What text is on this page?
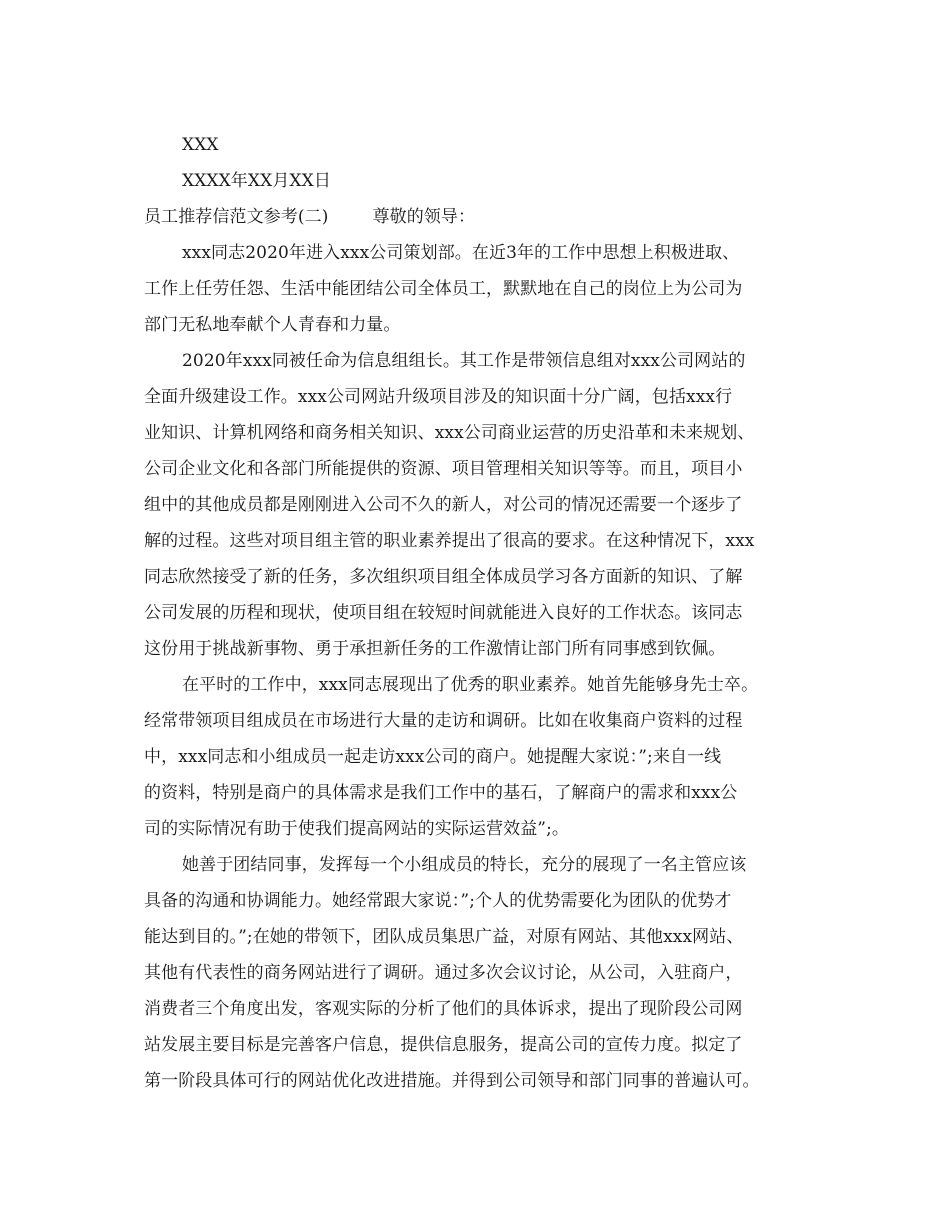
XXX
XXXX年XX月XX日
员工推荐信范文参考(二)	尊敬的领导：
xxx同志2020年进入xxx公司策划部。在近3年的工作中思想上积极进取、
工作上任劳任怨、生活中能团结公司全体员工，默默地在自己的岗位上为公司为
部门无私地奉献个人青春和力量。
2020年xxx同被任命为信息组组长。其工作是带领信息组对xxx公司网站的
全面升级建设工作。xxx公司网站升级项目涉及的知识面十分广阔，包括xxx行
业知识、计算机网络和商务相关知识、xxx公司商业运营的历史沿革和未来规划、
公司企业文化和各部门所能提供的资源、项目管理相关知识等等。而且，项目小
组中的其他成员都是刚刚进入公司不久的新人，对公司的情况还需要一个逐步了
解的过程。这些对项目组主管的职业素养提出了很高的要求。在这种情况下，xxx
同志欣然接受了新的任务，多次组织项目组全体成员学习各方面新的知识、了解
公司发展的历程和现状，使项目组在较短时间就能进入良好的工作状态。该同志
这份用于挑战新事物、勇于承担新任务的工作激情让部门所有同事感到钦佩。
在平时的工作中，xxx同志展现出了优秀的职业素养。她首先能够身先士卒。
经常带领项目组成员在市场进行大量的走访和调研。比如在收集商户资料的过程
中，xxx同志和小组成员一起走访xxx公司的商户。她提醒大家说：”;来自一线
的资料，特别是商户的具体需求是我们工作中的基石，了解商户的需求和xxx公
司的实际情况有助于使我们提高网站的实际运营效益”;。
她善于团结同事，发挥每一个小组成员的特长，充分的展现了一名主管应该
具备的沟通和协调能力。她经常跟大家说：”;个人的优势需要化为团队的优势才
能达到目的。”;在她的带领下，团队成员集思广益，对原有网站、其他xxx网站、
其他有代表性的商务网站进行了调研。通过多次会议讨论，从公司，入驻商户，
消费者三个角度出发，客观实际的分析了他们的具体诉求，提出了现阶段公司网
站发展主要目标是完善客户信息，提供信息服务，提高公司的宣传力度。拟定了
第一阶段具体可行的网站优化改进措施。并得到公司领导和部门同事的普遍认可。
